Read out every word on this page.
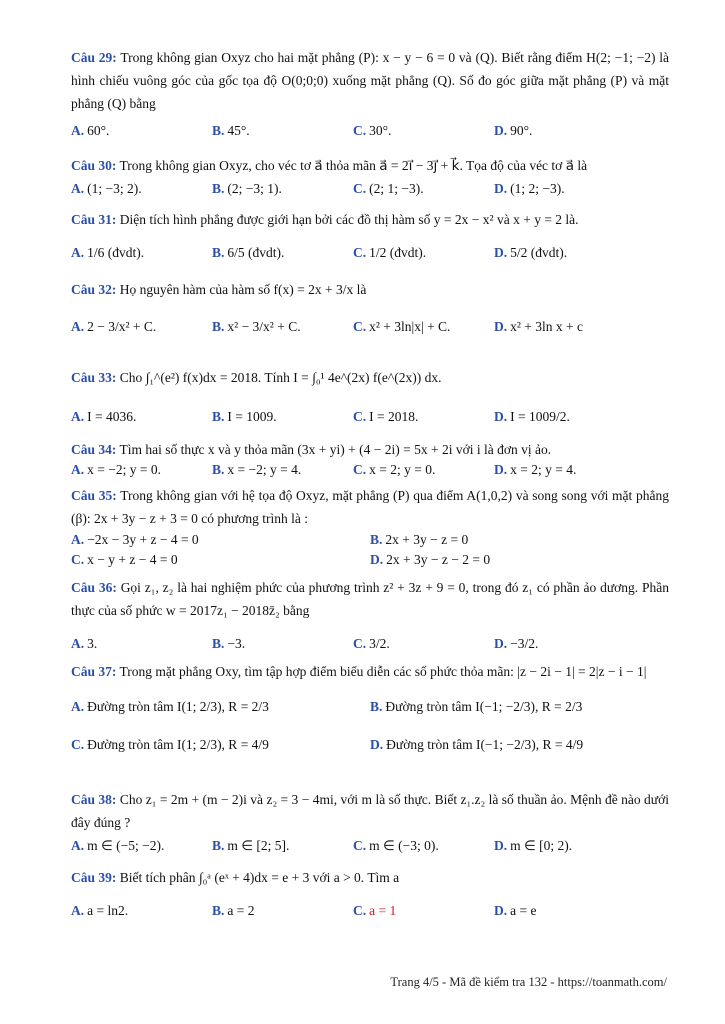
Câu 29: Trong không gian Oxyz cho hai mặt phẳng (P): x − y − 6 = 0 và (Q). Biết rằng điểm H(2; −1; −2) là hình chiếu vuông góc của gốc tọa độ O(0;0;0) xuống mặt phẳng (Q). Số đo góc giữa mặt phẳng (P) và mặt phẳng (Q) bằng
A. 60°.	B. 45°.	C. 30°.	D. 90°.
Câu 30: Trong không gian Oxyz, cho véc tơ a⃗ thỏa mãn a⃗ = 2i⃗ − 3j⃗ + k⃗. Tọa độ của véc tơ a⃗ là
A. (1; −3; 2).	B. (2; −3; 1).	C. (2; 1; −3).	D. (1; 2; −3).
Câu 31: Diện tích hình phẳng được giới hạn bởi các đồ thị hàm số y = 2x − x² và x + y = 2 là.
A. 1/6 (đvdt).	B. 6/5 (đvdt).	C. 1/2 (đvdt).	D. 5/2 (đvdt).
Câu 32: Họ nguyên hàm của hàm số f(x) = 2x + 3/x là
A. 2 − 3/x² + C.	B. x² − 3/x² + C.	C. x² + 3ln|x| + C.	D. x² + 3ln x + c
Câu 33: Cho ∫₁^(e²) f(x)dx = 2018. Tính I = ∫₀¹ 4e^(2x) f(e^(2x)) dx.
A. I = 4036.	B. I = 1009.	C. I = 2018.	D. I = 1009/2.
Câu 34: Tìm hai số thực x và y thỏa mãn (3x + yi) + (4 − 2i) = 5x + 2i với i là đơn vị ảo.
A. x = −2; y = 0.	B. x = −2; y = 4.	C. x = 2; y = 0.	D. x = 2; y = 4.
Câu 35: Trong không gian với hệ tọa độ Oxyz, mặt phẳng (P) qua điểm A(1,0,2) và song song với mặt phẳng (β): 2x + 3y − z + 3 = 0 có phương trình là :
A. −2x − 3y + z − 4 = 0	B. 2x + 3y − z = 0
C. x − y + z − 4 = 0	D. 2x + 3y − z − 2 = 0
Câu 36: Gọi z₁, z₂ là hai nghiệm phức của phương trình z² + 3z + 9 = 0, trong đó z₁ có phần ảo dương. Phần thực của số phức w = 2017z₁ − 2018z̄₂ bằng
A. 3.	B. −3.	C. 3/2.	D. −3/2.
Câu 37: Trong mặt phẳng Oxy, tìm tập hợp điểm biểu diễn các số phức thỏa mãn: |z − 2i − 1| = 2|z − i − 1|
A. Đường tròn tâm I(1; 2/3), R = 2/3	B. Đường tròn tâm I(−1; −2/3), R = 2/3
C. Đường tròn tâm I(1; 2/3), R = 4/9	D. Đường tròn tâm I(−1; −2/3), R = 4/9
Câu 38: Cho z₁ = 2m + (m − 2)i và z₂ = 3 − 4mi, với m là số thực. Biết z₁.z₂ là số thuần ảo. Mệnh đề nào dưới đây đúng ?
A. m ∈ (−5; −2).	B. m ∈ [2; 5].	C. m ∈ (−3; 0).	D. m ∈ [0; 2).
Câu 39: Biết tích phân ∫₀ᵃ (eˣ + 4)dx = e + 3 với a > 0. Tìm a
A. a = ln2.	B. a = 2	C. a = 1	D. a = e
Trang 4/5 - Mã đề kiểm tra 132 - https://toanmath.com/
